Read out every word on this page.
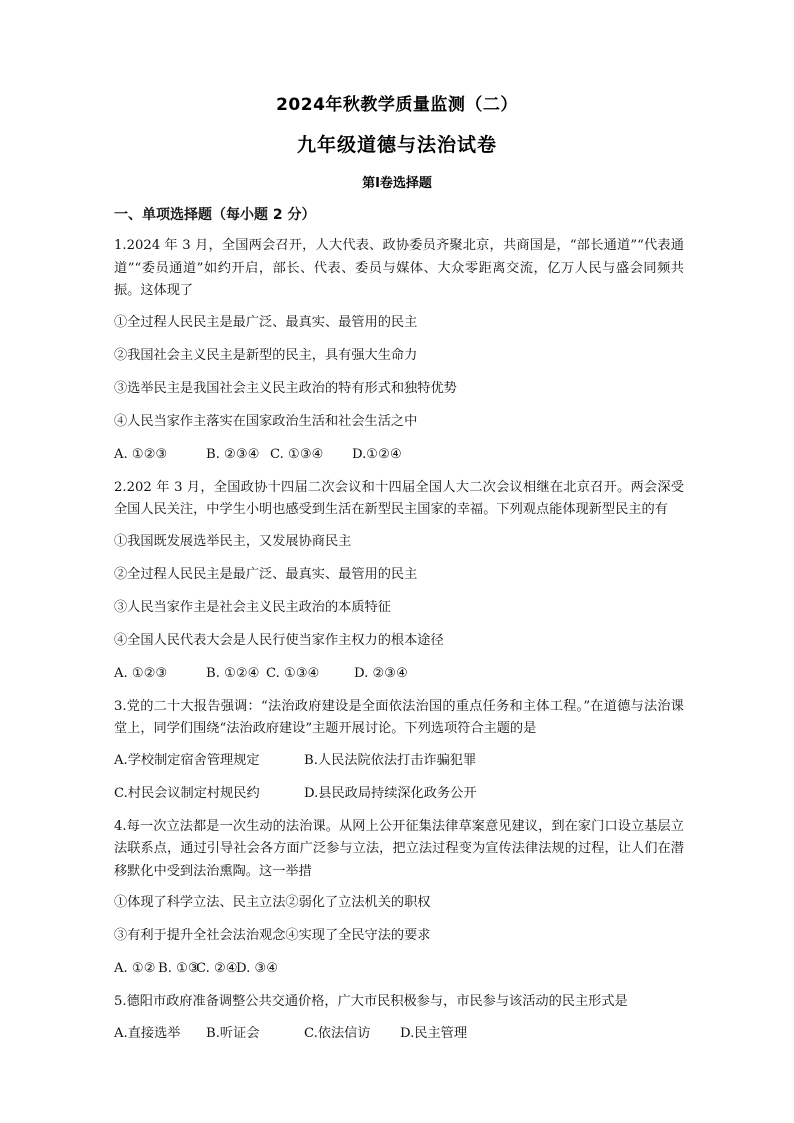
2024年秋教学质量监测（二）
九年级道德与法治试卷
第Ⅰ卷选择题
一、单项选择题（每小题 2 分）

1.2024 年 3 月，全国两会召开，人大代表、政协委员齐聚北京，共商国是，“部长通道”“代表通道”“委员通道”如约开启，部长、代表、委员与媒体、大众零距离交流，亿万人民与盛会同频共振。这体现了

①全过程人民民主是最广泛、最真实、最管用的民主

②我国社会主义民主是新型的民主，具有强大生命力

③选举民主是我国社会主义民主政治的特有形式和独特优势

④人民当家作主落实在国家政治生活和社会生活之中

A. ①②③	B. ②③④ C. ①③④ D.①②④

2.202 年 3 月，全国政协十四届二次会议和十四届全国人大二次会议相继在北京召开。两会深受全国人民关注，中学生小明也感受到生活在新型民主国家的幸福。下列观点能体现新型民主的有

①我国既发展选举民主，又发展协商民主

②全过程人民民主是最广泛、最真实、最管用的民主

③人民当家作主是社会主义民主政治的本质特征

④全国人民代表大会是人民行使当家作主权力的根本途径

A. ①②③	B. ①②④ C. ①③④	D. ②③④

3.党的二十大报告强调：“法治政府建设是全面依法治国的重点任务和主体工程。”在道德与法治课堂上，同学们围绕“法治政府建设”主题开展讨论。下列选项符合主题的是

A.学校制定宿舍管理规定	B.人民法院依法打击诈骗犯罪

C.村民会议制定村规民约	D.县民政局持续深化政务公开

4.每一次立法都是一次生动的法治课。从网上公开征集法律草案意见建议，到在家门口设立基层立法联系点，通过引导社会各方面广泛参与立法，把立法过程变为宣传法律法规的过程，让人们在潜移默化中受到法治熏陶。这一举措

①体现了科学立法、民主立法②弱化了立法机关的职权

③有利于提升全社会法治观念④实现了全民守法的要求

A. ①② B. ①③C. ②④D. ③④

5.德阳市政府准备调整公共交通价格，广大市民积极参与，市民参与该活动的民主形式是

A.直接选举 B.听证会	C.依法信访 D.民主管理
